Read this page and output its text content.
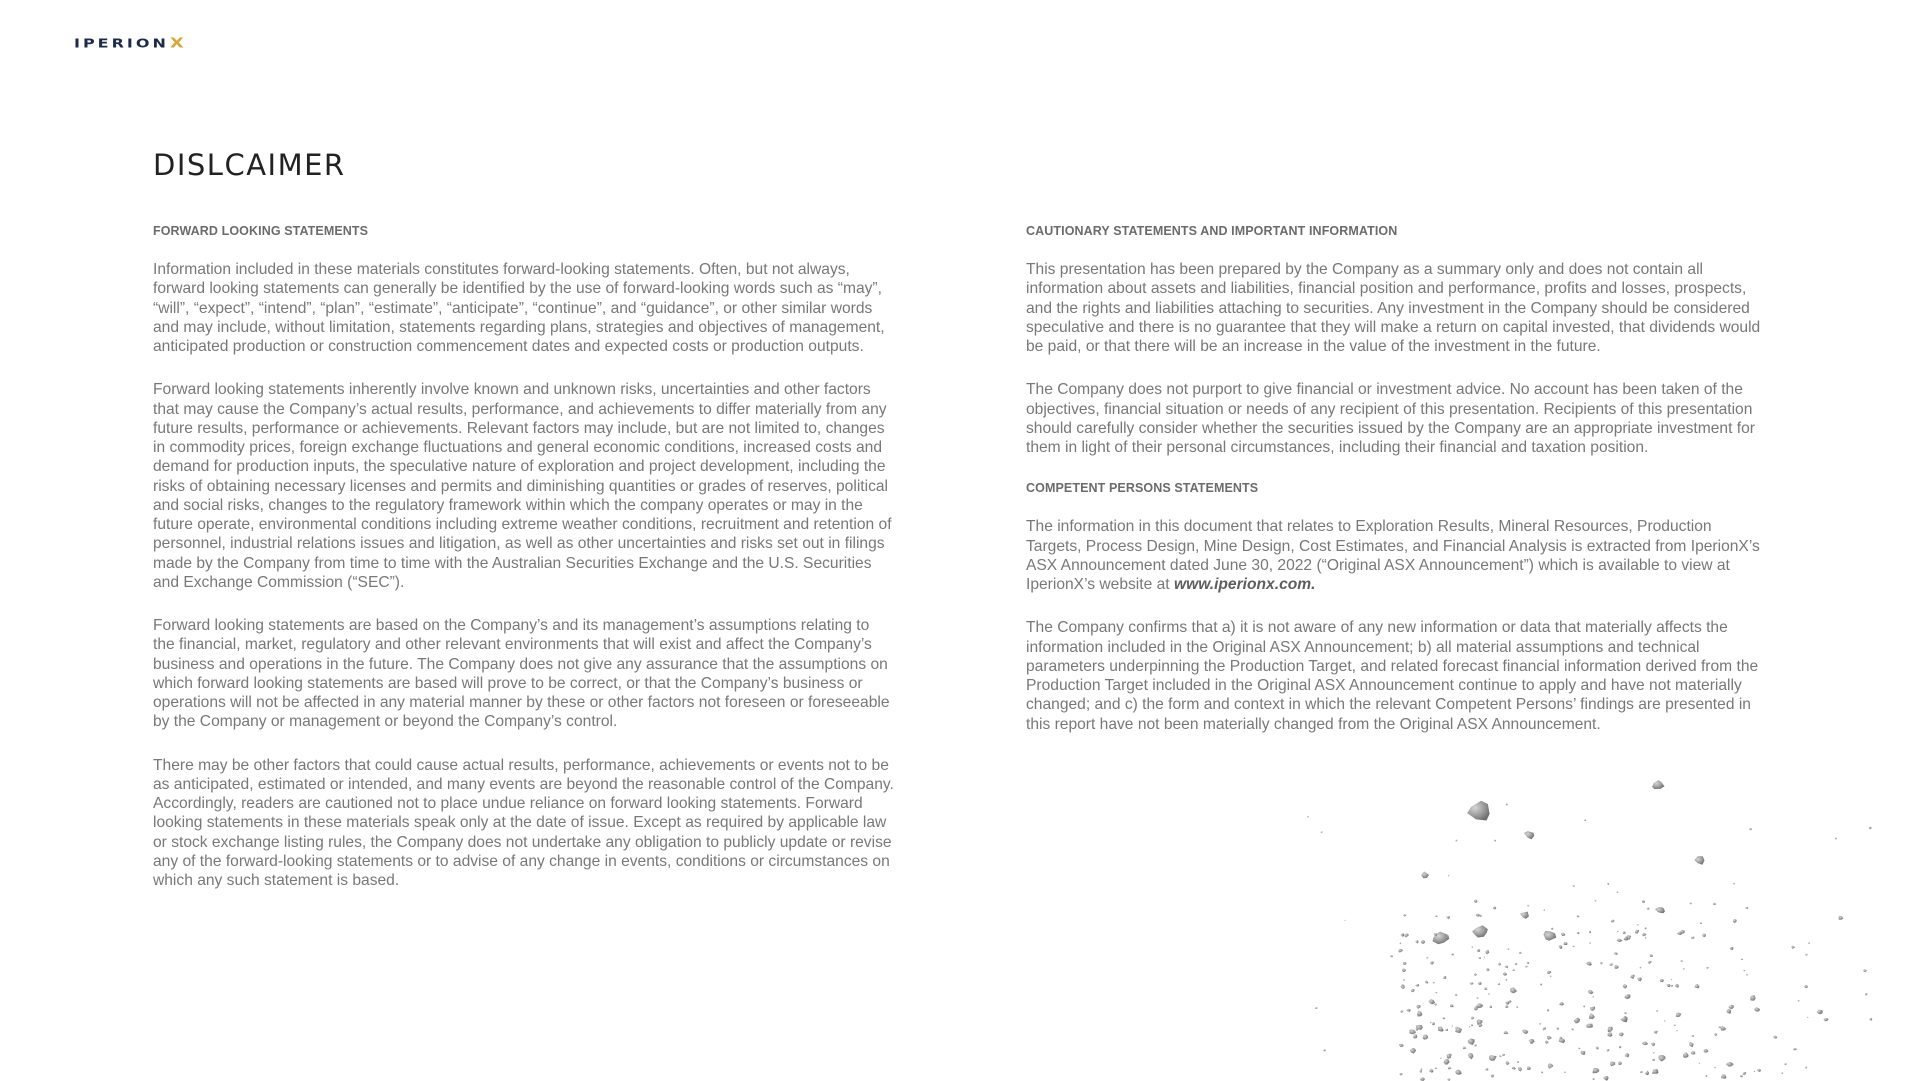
IPERION X
DISLCAIMER
FORWARD LOOKING STATEMENTS

Information included in these materials constitutes forward-looking statements. Often, but not always, forward looking statements can generally be identified by the use of forward-looking words such as “may”, “will”, “expect”, “intend”, “plan”, “estimate”, “anticipate”, “continue”, and “guidance”, or other similar words and may include, without limitation, statements regarding plans, strategies and objectives of management, anticipated production or construction commencement dates and expected costs or production outputs.

Forward looking statements inherently involve known and unknown risks, uncertainties and other factors that may cause the Company’s actual results, performance, and achievements to differ materially from any future results, performance or achievements. Relevant factors may include, but are not limited to, changes in commodity prices, foreign exchange fluctuations and general economic conditions, increased costs and demand for production inputs, the speculative nature of exploration and project development, including the risks of obtaining necessary licenses and permits and diminishing quantities or grades of reserves, political and social risks, changes to the regulatory framework within which the company operates or may in the future operate, environmental conditions including extreme weather conditions, recruitment and retention of personnel, industrial relations issues and litigation, as well as other uncertainties and risks set out in filings made by the Company from time to time with the Australian Securities Exchange and the U.S. Securities and Exchange Commission (“SEC”).

Forward looking statements are based on the Company’s and its management’s assumptions relating to the financial, market, regulatory and other relevant environments that will exist and affect the Company’s business and operations in the future. The Company does not give any assurance that the assumptions on which forward looking statements are based will prove to be correct, or that the Company’s business or operations will not be affected in any material manner by these or other factors not foreseen or foreseeable by the Company or management or beyond the Company’s control.

There may be other factors that could cause actual results, performance, achievements or events not to be as anticipated, estimated or intended, and many events are beyond the reasonable control of the Company. Accordingly, readers are cautioned not to place undue reliance on forward looking statements. Forward looking statements in these materials speak only at the date of issue. Except as required by applicable law or stock exchange listing rules, the Company does not undertake any obligation to publicly update or revise any of the forward-looking statements or to advise of any change in events, conditions or circumstances on which any such statement is based.

CAUTIONARY STATEMENTS AND IMPORTANT INFORMATION

This presentation has been prepared by the Company as a summary only and does not contain all information about assets and liabilities, financial position and performance, profits and losses, prospects, and the rights and liabilities attaching to securities. Any investment in the Company should be considered speculative and there is no guarantee that they will make a return on capital invested, that dividends would be paid, or that there will be an increase in the value of the investment in the future.

The Company does not purport to give financial or investment advice. No account has been taken of the objectives, financial situation or needs of any recipient of this presentation. Recipients of this presentation should carefully consider whether the securities issued by the Company are an appropriate investment for them in light of their personal circumstances, including their financial and taxation position.

COMPETENT PERSONS STATEMENTS

The information in this document that relates to Exploration Results, Mineral Resources, Production Targets, Process Design, Mine Design, Cost Estimates, and Financial Analysis is extracted from IperionX’s ASX Announcement dated June 30, 2022 (“Original ASX Announcement”) which is available to view at IperionX’s website at www.iperionx.com.

The Company confirms that a) it is not aware of any new information or data that materially affects the information included in the Original ASX Announcement; b) all material assumptions and technical parameters underpinning the Production Target, and related forecast financial information derived from the Production Target included in the Original ASX Announcement continue to apply and have not materially changed; and c) the form and context in which the relevant Competent Persons’ findings are presented in this report have not been materially changed from the Original ASX Announcement.
